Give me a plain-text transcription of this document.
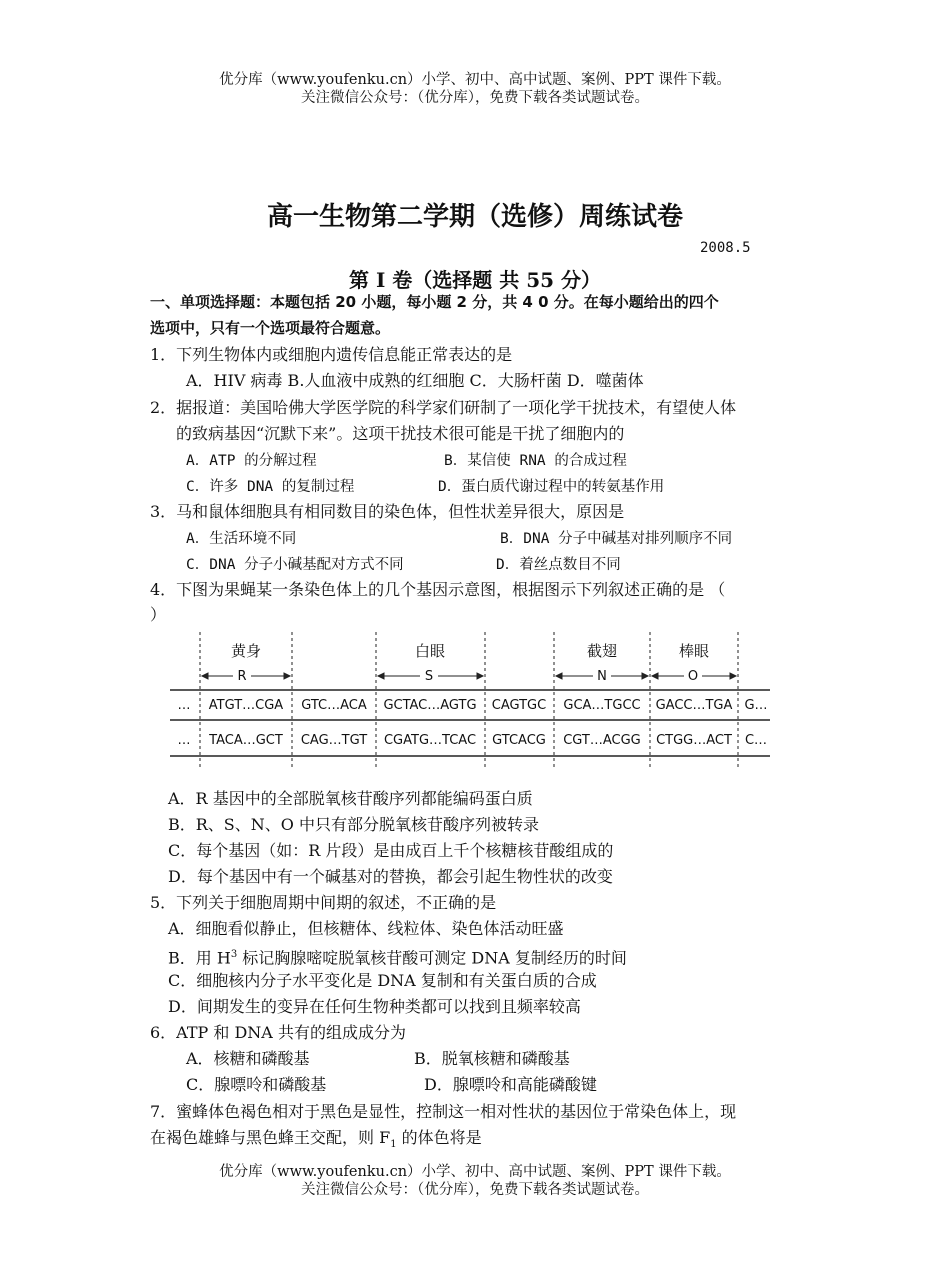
优分库（www.youfenku.cn）小学、初中、高中试题、案例、PPT 课件下载。
关注微信公众号：（优分库），免费下载各类试题试卷。
高一生物第二学期（选修）周练试卷
2008.5
第 I 卷（选择题 共 55 分）
一、单项选择题：本题包括 20 小题，每小题 2 分，共 4 0 分。在每小题给出的四个
选项中，只有一个选项最符合题意。
1．下列生物体内或细胞内遗传信息能正常表达的是
A．HIV 病毒 B.人血液中成熟的红细胞 C．大肠杆菌 D．噬菌体
2．据报道：美国哈佛大学医学院的科学家们研制了一项化学干扰技术，有望使人体
的致病基因“沉默下来”。这项干扰技术很可能是干扰了细胞内的
A．ATP 的分解过程	B．某信使 RNA 的合成过程
C．许多 DNA 的复制过程	D．蛋白质代谢过程中的转氨基作用
3．马和鼠体细胞具有相同数目的染色体，但性状差异很大，原因是
A．生活环境不同	B．DNA 分子中碱基对排列顺序不同
C．DNA 分子小碱基配对方式不同	D．着丝点数目不同
4．下图为果蝇某一条染色体上的几个基因示意图，根据图示下列叙述正确的是 （
）
黄身	白眼	截翅	棒眼
R	S	N	O
… ATGT…CGA GTC…ACA GCTAC…AGTG CAGTGC GCA…TGCC GACC…TGA G…
… TACA…GCT CAG…TGT CGATG…TCAC GTCACG CGT…ACGG CTGG…ACT C…
A．R 基因中的全部脱氧核苷酸序列都能编码蛋白质
B．R、S、N、O 中只有部分脱氧核苷酸序列被转录
C．每个基因（如：R 片段）是由成百上千个核糖核苷酸组成的
D．每个基因中有一个碱基对的替换，都会引起生物性状的改变
5．下列关于细胞周期中间期的叙述，不正确的是
A．细胞看似静止，但核糖体、线粒体、染色体活动旺盛
B．用 $H^3$ 标记胸腺嘧啶脱氧核苷酸可测定 DNA 复制经历的时间
C．细胞核内分子水平变化是 DNA 复制和有关蛋白质的合成
D．间期发生的变异在任何生物种类都可以找到且频率较高
6．ATP 和 DNA 共有的组成成分为
A．核糖和磷酸基	B．脱氧核糖和磷酸基
C．腺嘌呤和磷酸基	D．腺嘌呤和高能磷酸键
7．蜜蜂体色褐色相对于黑色是显性，控制这一相对性状的基因位于常染色体上，现
在褐色雄蜂与黑色蜂王交配，则 $F_1$ 的体色将是
优分库（www.youfenku.cn）小学、初中、高中试题、案例、PPT 课件下载。
关注微信公众号：（优分库），免费下载各类试题试卷。
